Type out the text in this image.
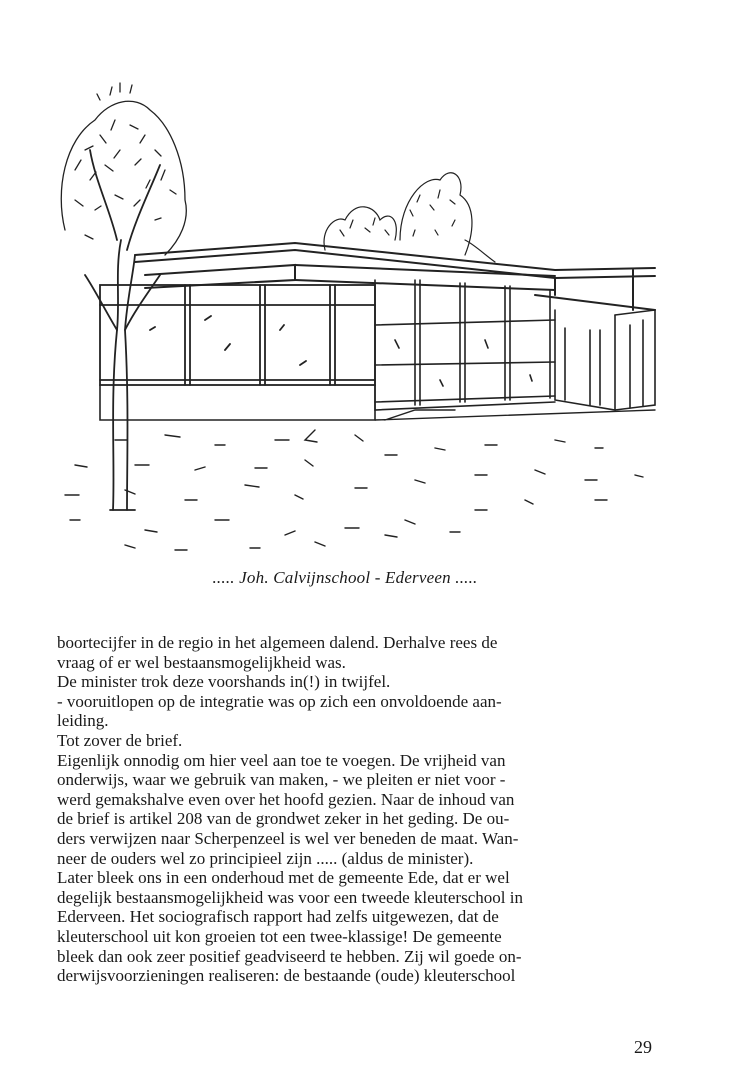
..... Joh. Calvijnschool - Ederveen .....
boortecijfer in de regio in het algemeen dalend. Derhalve rees de
vraag of er wel bestaansmogelijkheid was.
De minister trok deze voorshands in(!) in twijfel.
- vooruitlopen op de integratie was op zich een onvoldoende aan-
leiding.
Tot zover de brief.
Eigenlijk onnodig om hier veel aan toe te voegen. De vrijheid van
onderwijs, waar we gebruik van maken, - we pleiten er niet voor -
werd gemakshalve even over het hoofd gezien. Naar de inhoud van
de brief is artikel 208 van de grondwet zeker in het geding. De ou-
ders verwijzen naar Scherpenzeel is wel ver beneden de maat. Wan-
neer de ouders wel zo principieel zijn ..... (aldus de minister).
Later bleek ons in een onderhoud met de gemeente Ede, dat er wel
degelijk bestaansmogelijkheid was voor een tweede kleuterschool in
Ederveen. Het sociografisch rapport had zelfs uitgewezen, dat de
kleuterschool uit kon groeien tot een twee-klassige! De gemeente
bleek dan ook zeer positief geadviseerd te hebben. Zij wil goede on-
derwijsvoorzieningen realiseren: de bestaande (oude) kleuterschool
29
